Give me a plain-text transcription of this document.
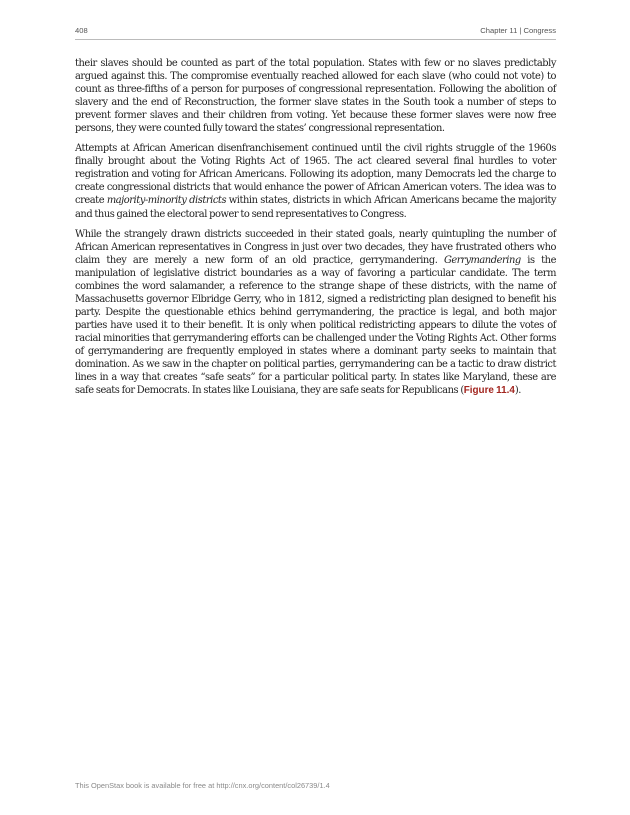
408	Chapter 11 | Congress

their slaves should be counted as part of the total population. States with few or no slaves predictably argued against this. The compromise eventually reached allowed for each slave (who could not vote) to count as three-fifths of a person for purposes of congressional representation. Following the abolition of slavery and the end of Reconstruction, the former slave states in the South took a number of steps to prevent former slaves and their children from voting. Yet because these former slaves were now free persons, they were counted fully toward the states’ congressional representation.

Attempts at African American disenfranchisement continued until the civil rights struggle of the 1960s finally brought about the Voting Rights Act of 1965. The act cleared several final hurdles to voter registration and voting for African Americans. Following its adoption, many Democrats led the charge to create congressional districts that would enhance the power of African American voters. The idea was to create majority-minority districts within states, districts in which African Americans became the majority and thus gained the electoral power to send representatives to Congress.

While the strangely drawn districts succeeded in their stated goals, nearly quintupling the number of African American representatives in Congress in just over two decades, they have frustrated others who claim they are merely a new form of an old practice, gerrymandering. Gerrymandering is the manipulation of legislative district boundaries as a way of favoring a particular candidate. The term combines the word salamander, a reference to the strange shape of these districts, with the name of Massachusetts governor Elbridge Gerry, who in 1812, signed a redistricting plan designed to benefit his party. Despite the questionable ethics behind gerrymandering, the practice is legal, and both major parties have used it to their benefit. It is only when political redistricting appears to dilute the votes of racial minorities that gerrymandering efforts can be challenged under the Voting Rights Act. Other forms of gerrymandering are frequently employed in states where a dominant party seeks to maintain that domination. As we saw in the chapter on political parties, gerrymandering can be a tactic to draw district lines in a way that creates “safe seats” for a particular political party. In states like Maryland, these are safe seats for Democrats. In states like Louisiana, they are safe seats for Republicans (Figure 11.4).

This OpenStax book is available for free at http://cnx.org/content/col26739/1.4
